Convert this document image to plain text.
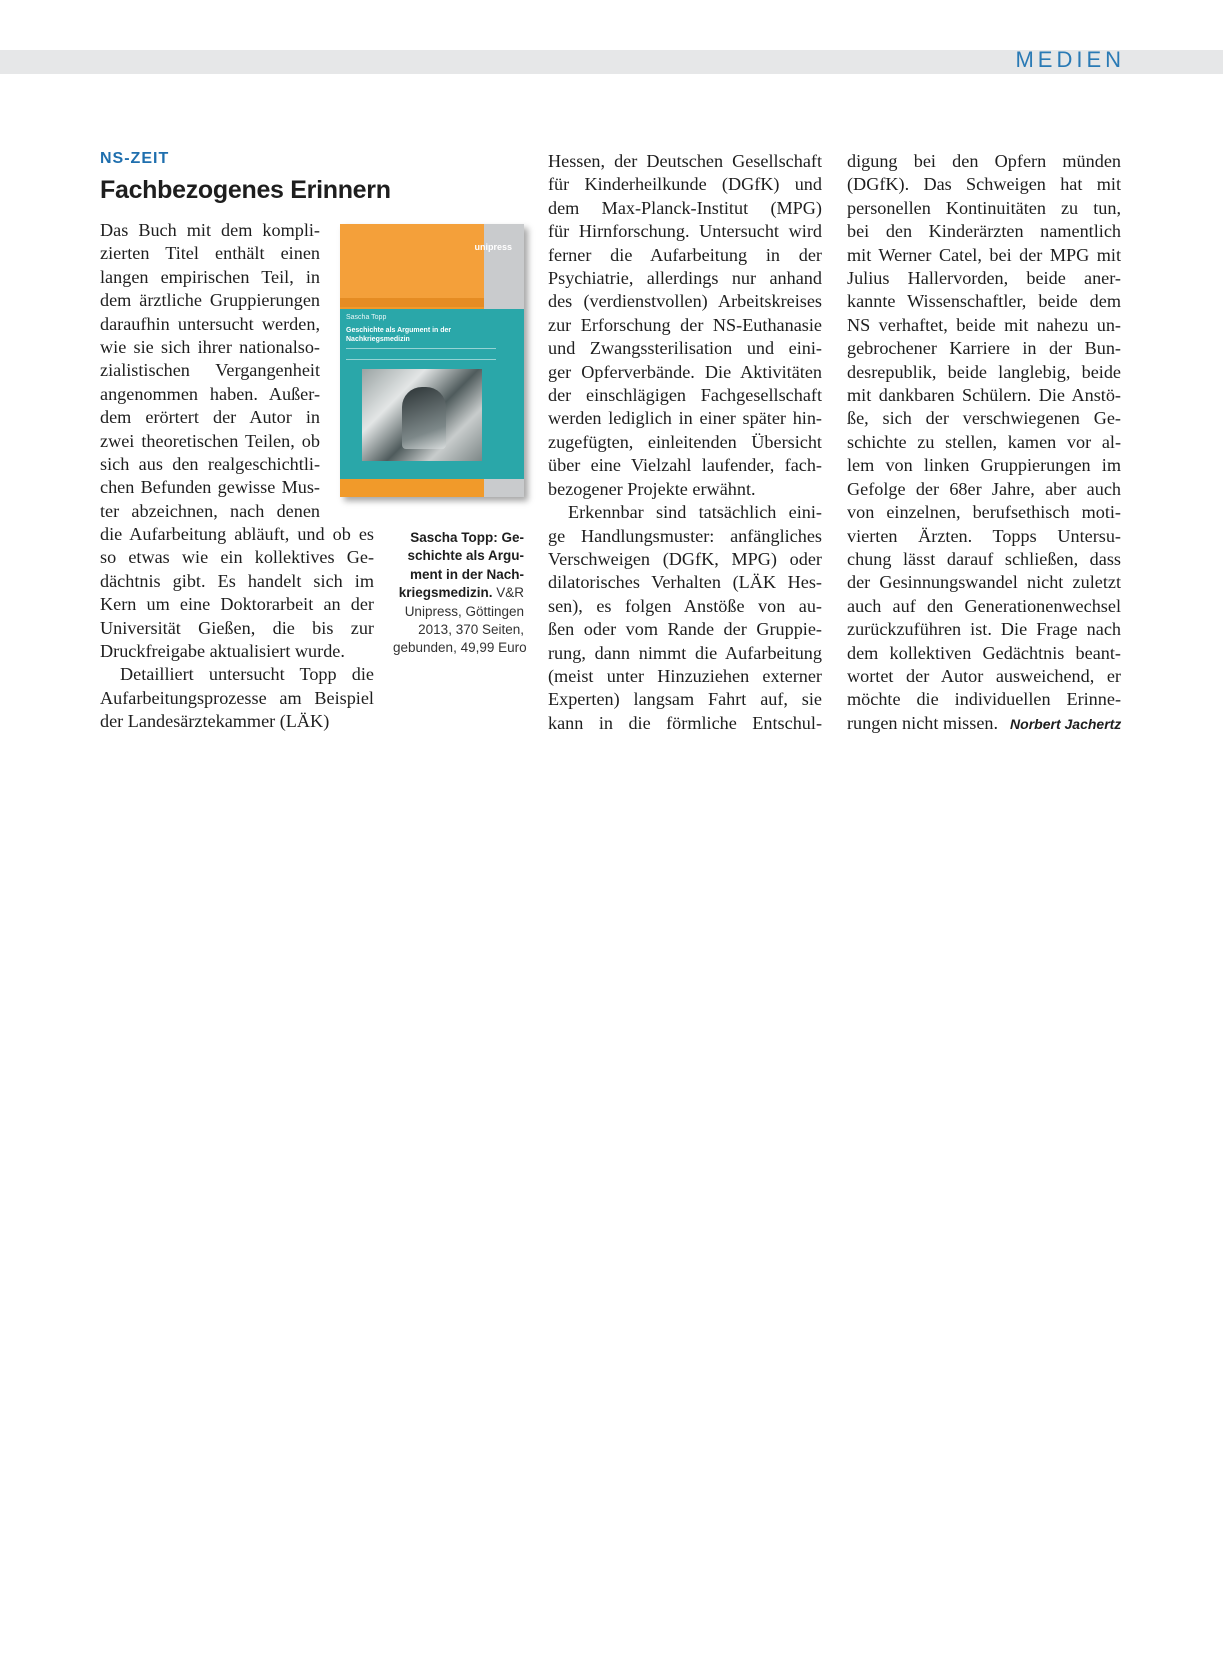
MEDIEN
NS-ZEIT
Fachbezogenes Erinnern
Das Buch mit dem kompli-
zierten Titel enthält einen
langen empirischen Teil, in
dem ärztliche Gruppierungen
daraufhin untersucht werden,
wie sie sich ihrer nationalso-
zialistischen Vergangenheit
angenommen haben. Außer-
dem erörtert der Autor in
zwei theoretischen Teilen, ob
sich aus den realgeschichtli-
chen Befunden gewisse Mus-
ter abzeichnen, nach denen
die Aufarbeitung abläuft, und ob es
so etwas wie ein kollektives Ge-
dächtnis gibt. Es handelt sich im
Kern um eine Doktorarbeit an der
Universität Gießen, die bis zur
Druckfreigabe aktualisiert wurde.
Detailliert untersucht Topp die
Aufarbeitungsprozesse am Beispiel
der Landesärztekammer (LÄK)
Hessen, der Deutschen Gesellschaft
für Kinderheilkunde (DGfK) und
dem Max-Planck-Institut (MPG)
für Hirnforschung. Untersucht wird
ferner die Aufarbeitung in der
Psychiatrie, allerdings nur anhand
des (verdienstvollen) Arbeitskreises
zur Erforschung der NS-Euthanasie
und Zwangssterilisation und eini-
ger Opferverbände. Die Aktivitäten
der einschlägigen Fachgesellschaft
werden lediglich in einer später hin-
zugefügten, einleitenden Übersicht
über eine Vielzahl laufender, fach-
bezogener Projekte erwähnt.
Erkennbar sind tatsächlich eini-
ge Handlungsmuster: anfängliches
Verschweigen (DGfK, MPG) oder
dilatorisches Verhalten (LÄK Hes-
sen), es folgen Anstöße von au-
ßen oder vom Rande der Gruppie-
rung, dann nimmt die Aufarbeitung
(meist unter Hinzuziehen externer
Experten) langsam Fahrt auf, sie
kann in die förmliche Entschul-
digung bei den Opfern münden
(DGfK). Das Schweigen hat mit
personellen Kontinuitäten zu tun,
bei den Kinderärzten namentlich
mit Werner Catel, bei der MPG mit
Julius Hallervorden, beide aner-
kannte Wissenschaftler, beide dem
NS verhaftet, beide mit nahezu un-
gebrochener Karriere in der Bun-
desrepublik, beide langlebig, beide
mit dankbaren Schülern. Die Anstö-
ße, sich der verschwiegenen Ge-
schichte zu stellen, kamen vor al-
lem von linken Gruppierungen im
Gefolge der 68er Jahre, aber auch
von einzelnen, berufsethisch moti-
vierten Ärzten. Topps Untersu-
chung lässt darauf schließen, dass
der Gesinnungswandel nicht zuletzt
auch auf den Generationenwechsel
zurückzuführen ist. Die Frage nach
dem kollektiven Gedächtnis beant-
wortet der Autor ausweichend, er
möchte die individuellen Erinne-
rungen nicht missen. Norbert Jachertz
unipress
Sascha Topp
Geschichte als Argument in der Nachkriegsmedizin
Sascha Topp: Ge-
schichte als Argu-
ment in der Nach-
kriegsmedizin. V&R
Unipress, Göttingen
2013, 370 Seiten,
gebunden, 49,99 Euro
